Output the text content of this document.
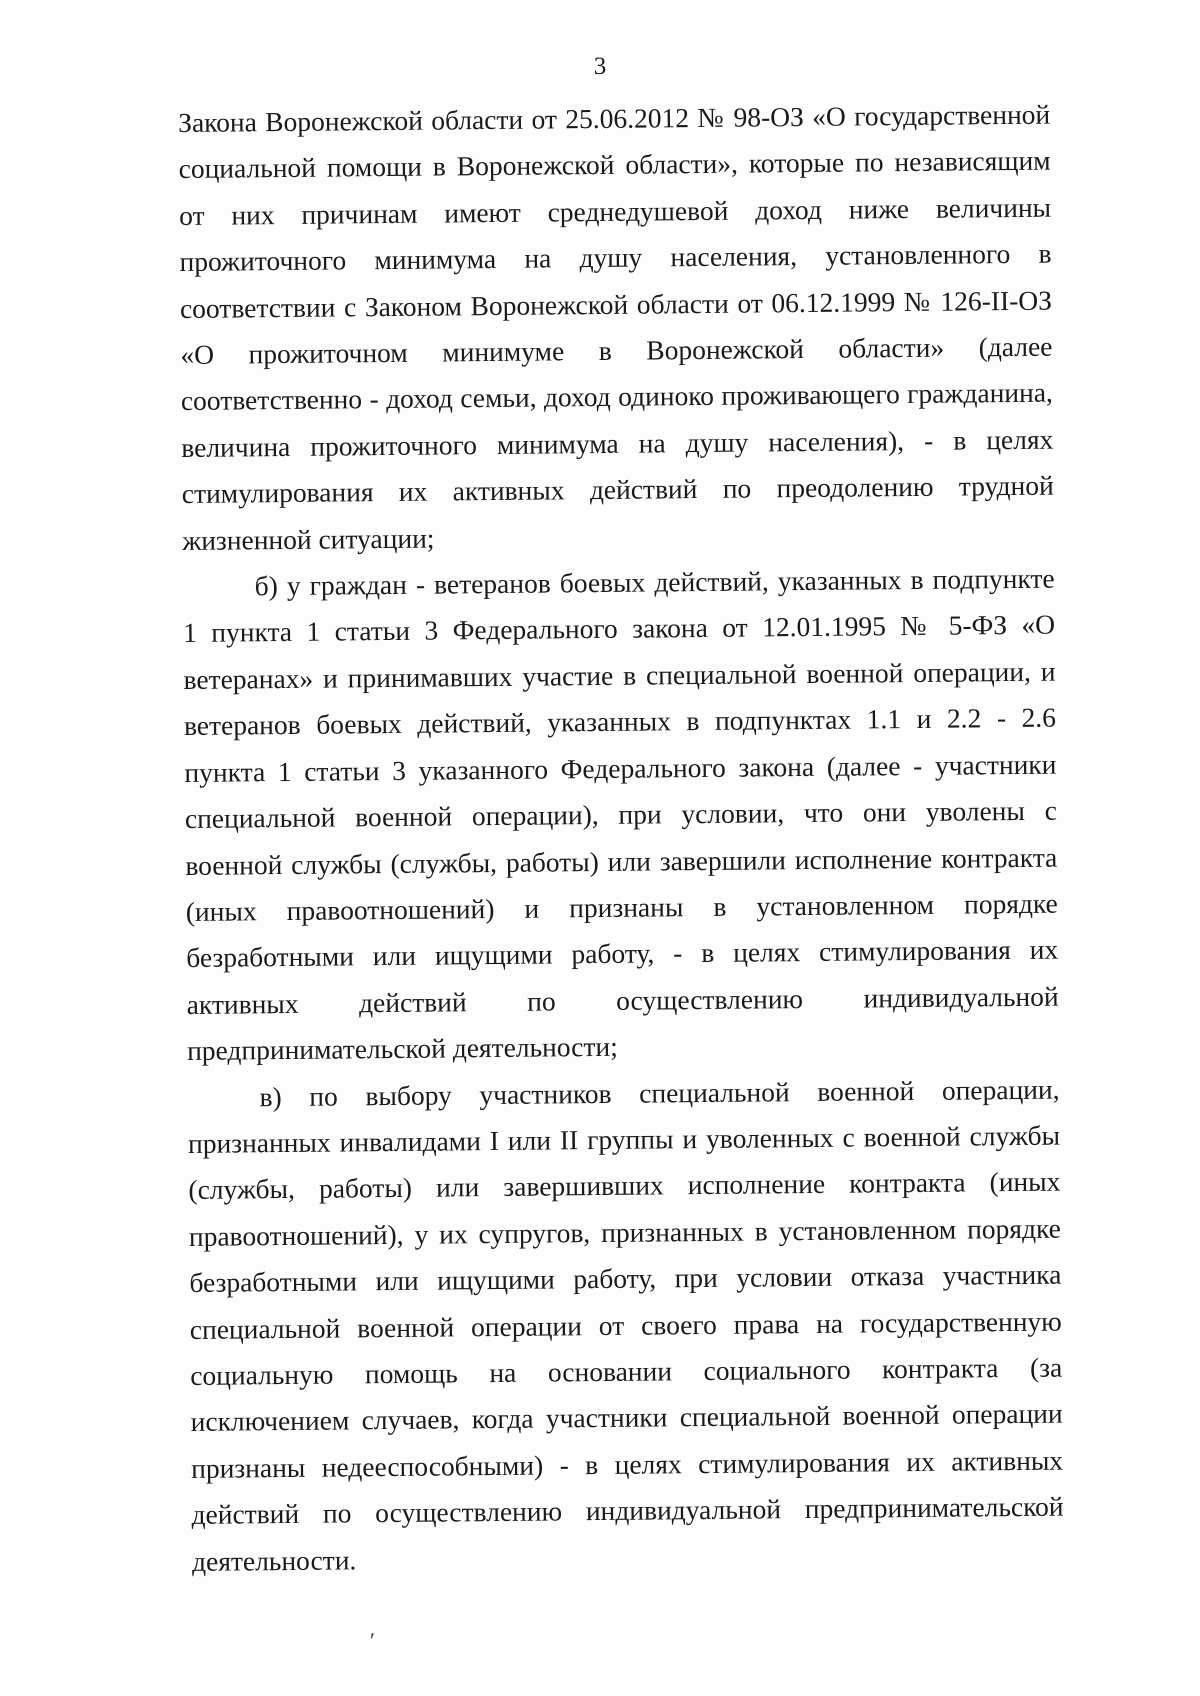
3

Закона Воронежской области от 25.06.2012 № 98-ОЗ «О государственной социальной помощи в Воронежской области», которые по независящим от них причинам имеют среднедушевой доход ниже величины прожиточного минимума на душу населения, установленного в соответствии с Законом Воронежской области от 06.12.1999 № 126-II-ОЗ «О прожиточном минимуме в Воронежской области» (далее соответственно - доход семьи, доход одиноко проживающего гражданина, величина прожиточного минимума на душу населения), - в целях стимулирования их активных действий по преодолению трудной жизненной ситуации;

б) у граждан - ветеранов боевых действий, указанных в подпункте 1 пункта 1 статьи 3 Федерального закона от 12.01.1995 № 5-ФЗ «О ветеранах» и принимавших участие в специальной военной операции, и ветеранов боевых действий, указанных в подпунктах 1.1 и 2.2 - 2.6 пункта 1 статьи 3 указанного Федерального закона (далее - участники специальной военной операции), при условии, что они уволены с военной службы (службы, работы) или завершили исполнение контракта (иных правоотношений) и признаны в установленном порядке безработными или ищущими работу, - в целях стимулирования их активных действий по осуществлению индивидуальной предпринимательской деятельности;

в) по выбору участников специальной военной операции, признанных инвалидами I или II группы и уволенных с военной службы (службы, работы) или завершивших исполнение контракта (иных правоотношений), у их супругов, признанных в установленном порядке безработными или ищущими работу, при условии отказа участника специальной военной операции от своего права на государственную социальную помощь на основании социального контракта (за исключением случаев, когда участники специальной военной операции признаны недееспособными) - в целях стимулирования их активных действий по осуществлению индивидуальной предпринимательской деятельности.

ʹ
